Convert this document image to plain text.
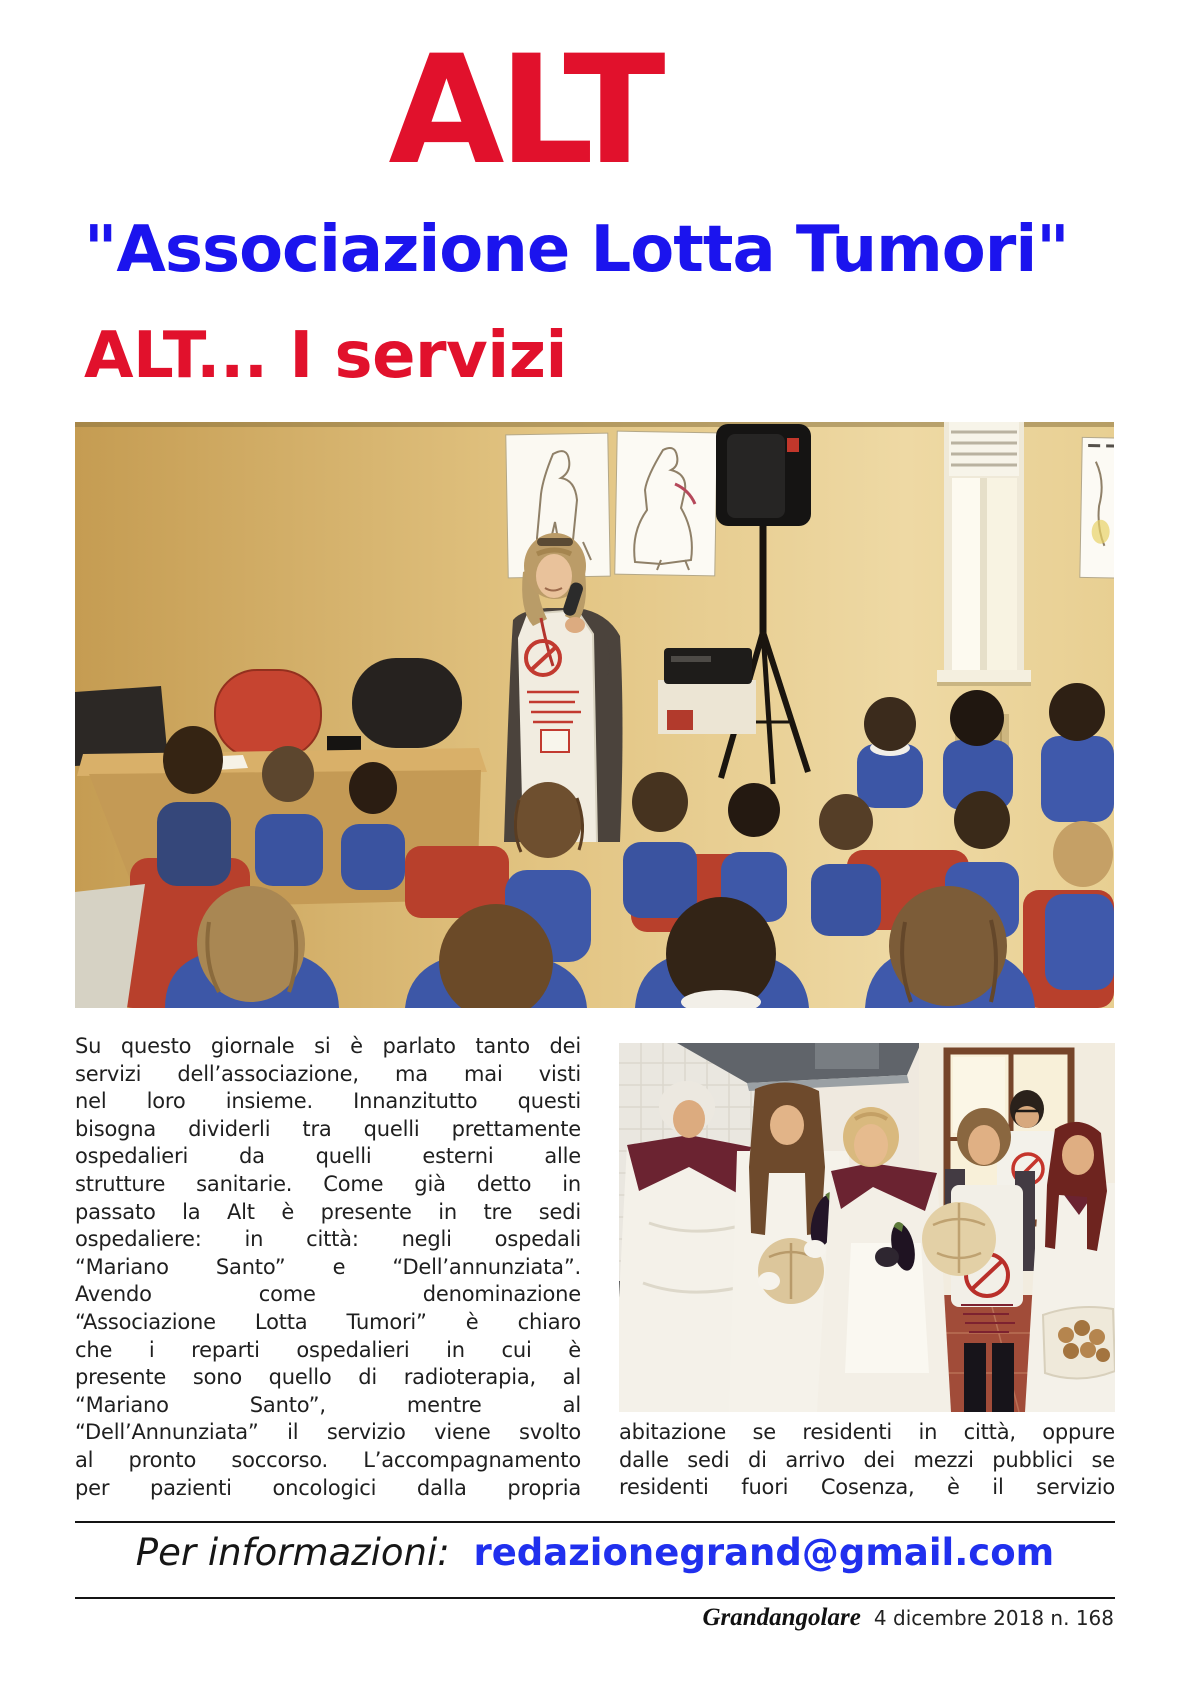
ALT
"Associazione Lotta Tumori"
ALT... I servizi
Su questo giornale si è parlato tanto dei
servizi dell’associazione, ma mai visti
nel loro insieme. Innanzitutto questi
bisogna dividerli tra quelli prettamente
ospedalieri da quelli esterni alle
strutture sanitarie. Come già detto in
passato la Alt è presente in tre sedi
ospedaliere: in città: negli ospedali
“Mariano Santo” e “Dell’annunziata”.
Avendo come denominazione
“Associazione Lotta Tumori” è chiaro
che i reparti ospedalieri in cui è
presente sono quello di radioterapia, al
“Mariano Santo”, mentre al
“Dell’Annunziata” il servizio viene svolto
al pronto soccorso. L’accompagnamento
per pazienti oncologici dalla propria
abitazione se residenti in città, oppure
dalle sedi di arrivo dei mezzi pubblici se
residenti fuori Cosenza, è il servizio
Per informazioni: redazionegrand@gmail.com
Grandangolare 4 dicembre 2018 n. 168
